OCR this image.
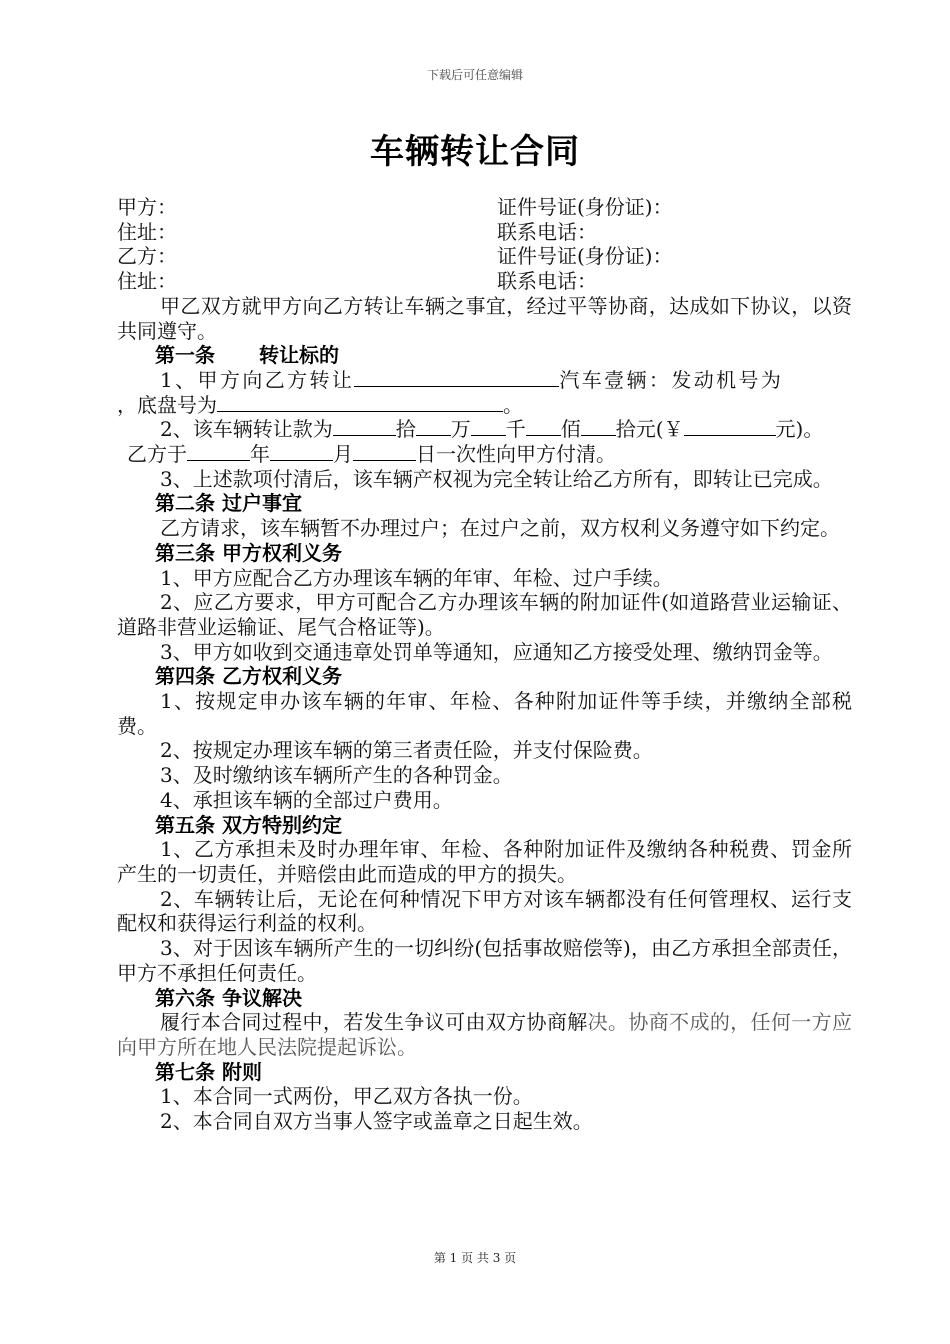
下载后可任意编辑
车辆转让合同
甲方：	证件号证(身份证)：
住址：	联系电话：
乙方：	证件号证(身份证)：
住址：	联系电话：

甲乙双方就甲方向乙方转让车辆之事宜，经过平等协商，达成如下协议，以资共同遵守。

第一条 转让标的

1、甲方向乙方转让	汽车壹辆：发动机号为

，底盘号为	。

2、该车辆转让款为	拾 万 千 佰 拾元(￥	元)。

乙方于	年	月	日一次性向甲方付清。

3、上述款项付清后，该车辆产权视为完全转让给乙方所有，即转让已完成。

第二条 过户事宜

乙方请求，该车辆暂不办理过户；在过户之前，双方权利义务遵守如下约定。

第三条 甲方权利义务

1、甲方应配合乙方办理该车辆的年审、年检、过户手续。

2、应乙方要求，甲方可配合乙方办理该车辆的附加证件(如道路营业运输证、道路非营业运输证、尾气合格证等)。

3、甲方如收到交通违章处罚单等通知，应通知乙方接受处理、缴纳罚金等。

第四条 乙方权利义务

1、按规定申办该车辆的年审、年检、各种附加证件等手续，并缴纳全部税费。

2、按规定办理该车辆的第三者责任险，并支付保险费。

3、及时缴纳该车辆所产生的各种罚金。

4、承担该车辆的全部过户费用。

第五条 双方特别约定

1、乙方承担未及时办理年审、年检、各种附加证件及缴纳各种税费、罚金所产生的一切责任，并赔偿由此而造成的甲方的损失。

2、车辆转让后，无论在何种情况下甲方对该车辆都没有任何管理权、运行支配权和获得运行利益的权利。

3、对于因该车辆所产生的一切纠纷(包括事故赔偿等)，由乙方承担全部责任，甲方不承担任何责任。

第六条 争议解决

履行本合同过程中，若发生争议可由双方协商解决。协商不成的，任何一方应向甲方所在地人民法院提起诉讼。

第七条 附则

1、本合同一式两份，甲乙双方各执一份。

2、本合同自双方当事人签字或盖章之日起生效。

第 1 页 共 3 页
